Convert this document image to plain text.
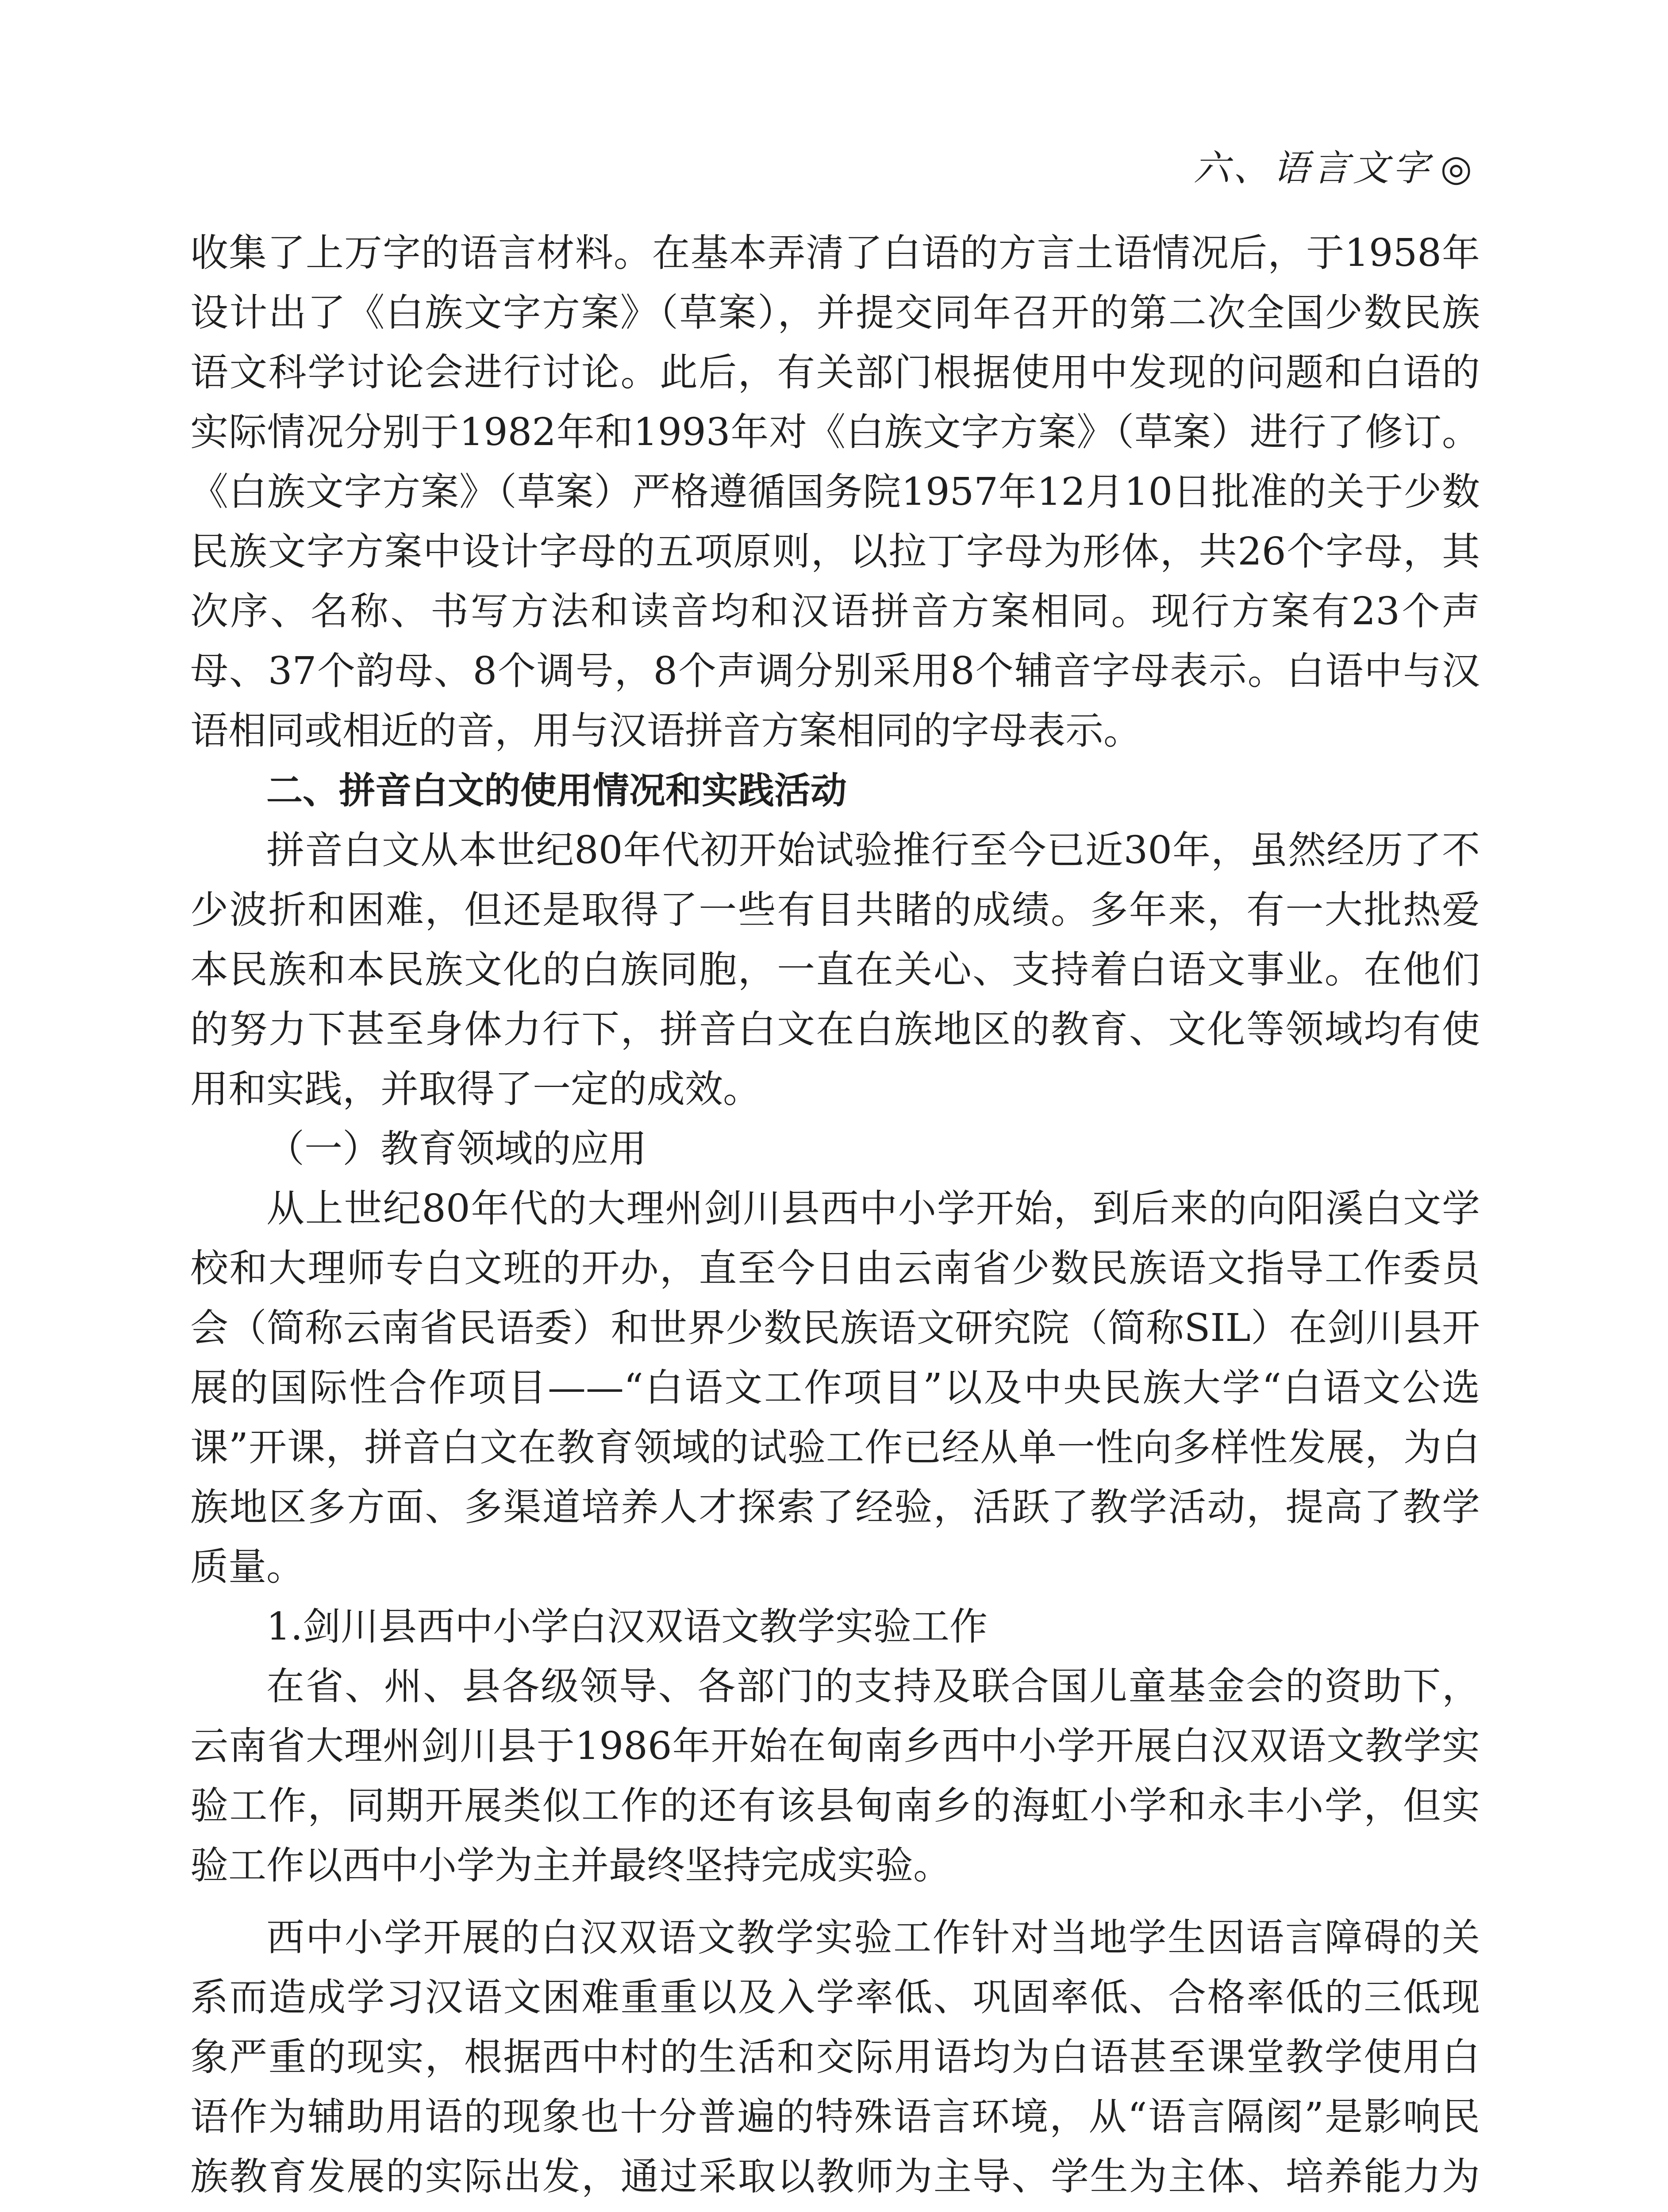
六、语言文字 ◎

收集了上万字的语言材料。在基本弄清了白语的方言土语情况后，于1958年设计出了《白族文字方案》（草案），并提交同年召开的第二次全国少数民族语文科学讨论会进行讨论。此后，有关部门根据使用中发现的问题和白语的实际情况分别于1982年和1993年对《白族文字方案》（草案）进行了修订。《白族文字方案》（草案）严格遵循国务院1957年12月10日批准的关于少数民族文字方案中设计字母的五项原则，以拉丁字母为形体，共26个字母，其次序、名称、书写方法和读音均和汉语拼音方案相同。现行方案有23个声母、37个韵母、8个调号，8个声调分别采用8个辅音字母表示。白语中与汉语相同或相近的音，用与汉语拼音方案相同的字母表示。

二、拼音白文的使用情况和实践活动

拼音白文从本世纪80年代初开始试验推行至今已近30年，虽然经历了不少波折和困难，但还是取得了一些有目共睹的成绩。多年来，有一大批热爱本民族和本民族文化的白族同胞，一直在关心、支持着白语文事业。在他们的努力下甚至身体力行下，拼音白文在白族地区的教育、文化等领域均有使用和实践，并取得了一定的成效。

（一）教育领域的应用

从上世纪80年代的大理州剑川县西中小学开始，到后来的向阳溪白文学校和大理师专白文班的开办，直至今日由云南省少数民族语文指导工作委员会（简称云南省民语委）和世界少数民族语文研究院（简称SIL）在剑川县开展的国际性合作项目——“白语文工作项目”以及中央民族大学“白语文公选课”开课，拼音白文在教育领域的试验工作已经从单一性向多样性发展，为白族地区多方面、多渠道培养人才探索了经验，活跃了教学活动，提高了教学质量。

1.剑川县西中小学白汉双语文教学实验工作

在省、州、县各级领导、各部门的支持及联合国儿童基金会的资助下，云南省大理州剑川县于1986年开始在甸南乡西中小学开展白汉双语文教学实验工作，同期开展类似工作的还有该县甸南乡的海虹小学和永丰小学，但实验工作以西中小学为主并最终坚持完成实验。

西中小学开展的白汉双语文教学实验工作针对当地学生因语言障碍的关系而造成学习汉语文困难重重以及入学率低、巩固率低、合格率低的三低现象严重的现实，根据西中村的生活和交际用语均为白语甚至课堂教学使用白语作为辅助用语的现象也十分普遍的特殊语言环境，从“语言隔阂”是影响民族教育发展的实际出发，通过采取以教师为主导、学生为主体、培养能力为
